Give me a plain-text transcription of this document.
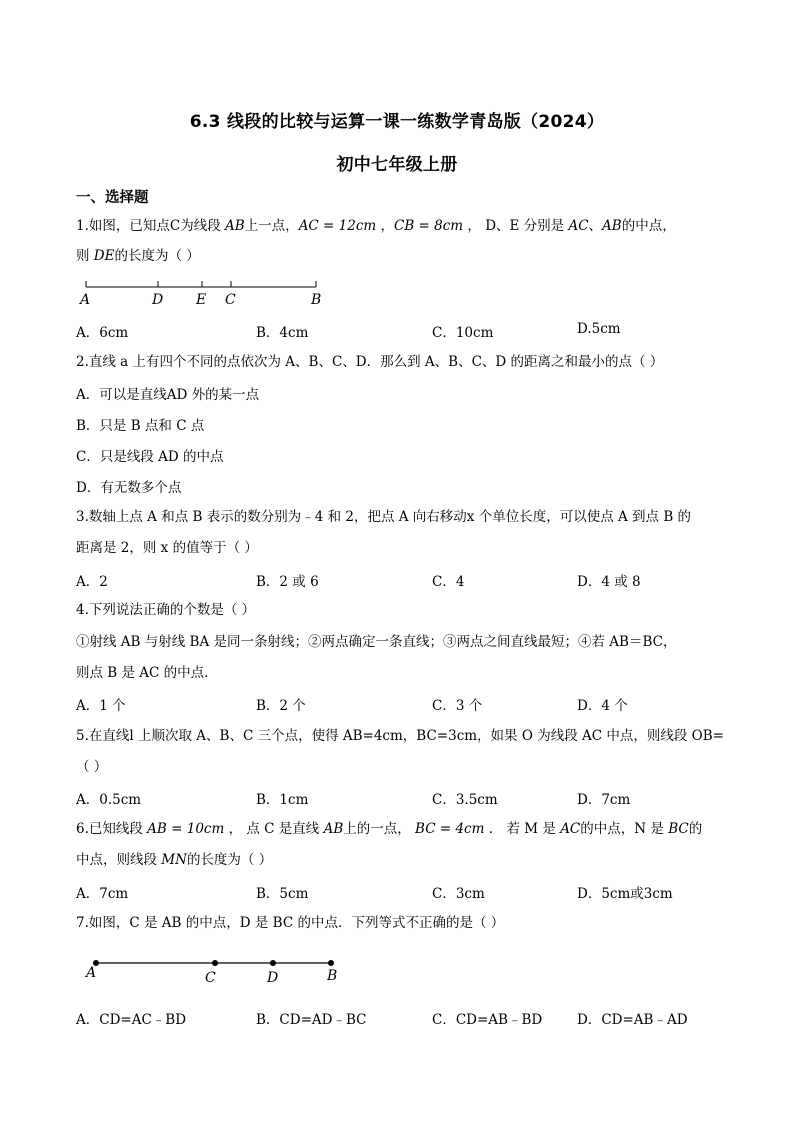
6.3 线段的比较与运算一课一练数学青岛版（2024）
初中七年级上册
一、选择题
1.如图，已知点C为线段 AB上一点，AC = 12cm ，CB = 8cm ， D、E 分别是 AC、AB的中点，
则 DE的长度为（ ）
A	D E C	B
A．6cm	B．4cm	C．10cm	D.5cm
2.直线 a 上有四个不同的点依次为 A、B、C、D．那么到 A、B、C、D 的距离之和最小的点（ ）
A．可以是直线AD 外的某一点
B．只是 B 点和 C 点
C．只是线段 AD 的中点
D．有无数多个点
3.数轴上点 A 和点 B 表示的数分别为﹣4 和 2，把点 A 向右移动x 个单位长度，可以使点 A 到点 B 的
距离是 2，则 x 的值等于（ ）
A．2	B．2 或 6	C．4	D．4 或 8
4.下列说法正确的个数是（ ）
①射线 AB 与射线 BA 是同一条射线；②两点确定一条直线；③两点之间直线最短；④若 AB＝BC，
则点 B 是 AC 的中点．
A．1 个	B．2 个	C．3 个	D．4 个
5.在直线l 上顺次取 A、B、C 三个点，使得 AB=4cm，BC=3cm，如果 O 为线段 AC 中点，则线段 OB=
（ ）
A．0.5cm	B．1cm	C．3.5cm	D．7cm
6.已知线段 AB = 10cm ， 点 C 是直线 AB上的一点， BC = 4cm ． 若 M 是 AC的中点，N 是 BC的
中点，则线段 MN的长度为（ ）
A．7cm	B．5cm	C．3cm	D．5cm或3cm
7.如图，C 是 AB 的中点，D 是 BC 的中点．下列等式不正确的是（ ）
A	C	D	B
A．CD=AC﹣BD	B．CD=AD﹣BC	C．CD=AB﹣BD	D．CD=AB﹣AD
